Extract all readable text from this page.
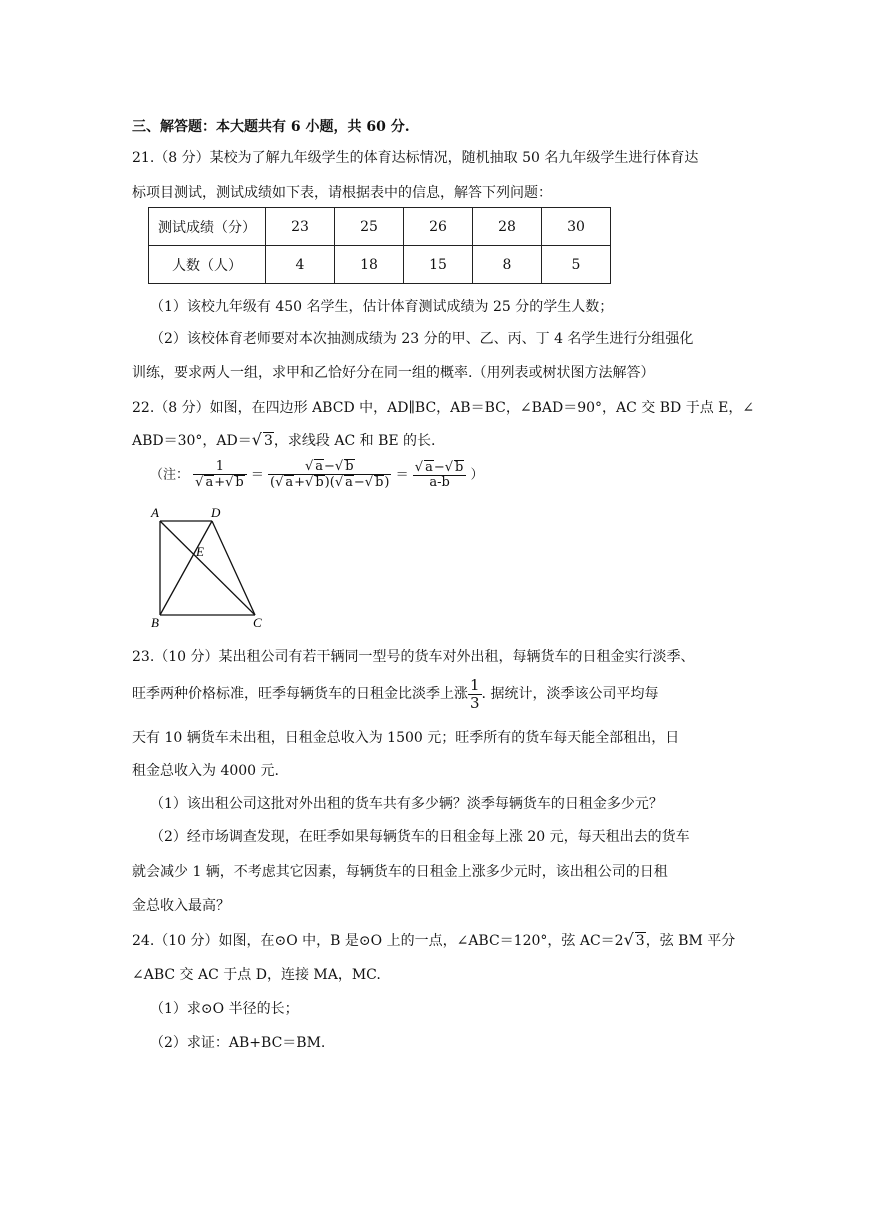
三、解答题：本大题共有 6 小题，共 60 分.
21.（8 分）某校为了解九年级学生的体育达标情况，随机抽取 50 名九年级学生进行体育达
标项目测试，测试成绩如下表，请根据表中的信息，解答下列问题：
测试成绩（分）	23	25	26	28	30
人数（人）	4	18	15	8	5
（1）该校九年级有 450 名学生，估计体育测试成绩为 25 分的学生人数；
（2）该校体育老师要对本次抽测成绩为 23 分的甲、乙、丙、丁 4 名学生进行分组强化
训练，要求两人一组，求甲和乙恰好分在同一组的概率.（用列表或树状图方法解答）
22.（8 分）如图，在四边形 ABCD 中，AD∥BC，AB＝BC，∠BAD＝90°，AC 交 BD 于点 E，∠
ABD＝30°，AD＝√ 3，求线段 AC 和 BE 的长.
（注： $\frac{1}{√ a+√ b} = \frac{√ a-√ b}{(√ a+√ b)(√ a-√ b)} = \frac{√ a-√ b}{a-b}$ ）
A	D
E
B	C
23.（10 分）某出租公司有若干辆同一型号的货车对外出租，每辆货车的日租金实行淡季、
旺季两种价格标准，旺季每辆货车的日租金比淡季上涨 $\frac{1}{3}$ . 据统计，淡季该公司平均每
天有 10 辆货车未出租，日租金总收入为 1500 元；旺季所有的货车每天能全部租出，日
租金总收入为 4000 元.
（1）该出租公司这批对外出租的货车共有多少辆？淡季每辆货车的日租金多少元？
（2）经市场调查发现，在旺季如果每辆货车的日租金每上涨 20 元，每天租出去的货车
就会减少 1 辆，不考虑其它因素，每辆货车的日租金上涨多少元时，该出租公司的日租
金总收入最高？
24.（10 分）如图，在⊙O 中，B 是⊙O 上的一点，∠ABC＝120°，弦 AC＝2√ 3，弦 BM 平分
∠ABC 交 AC 于点 D，连接 MA，MC.
（1）求⊙O 半径的长；
（2）求证：AB+BC＝BM.
